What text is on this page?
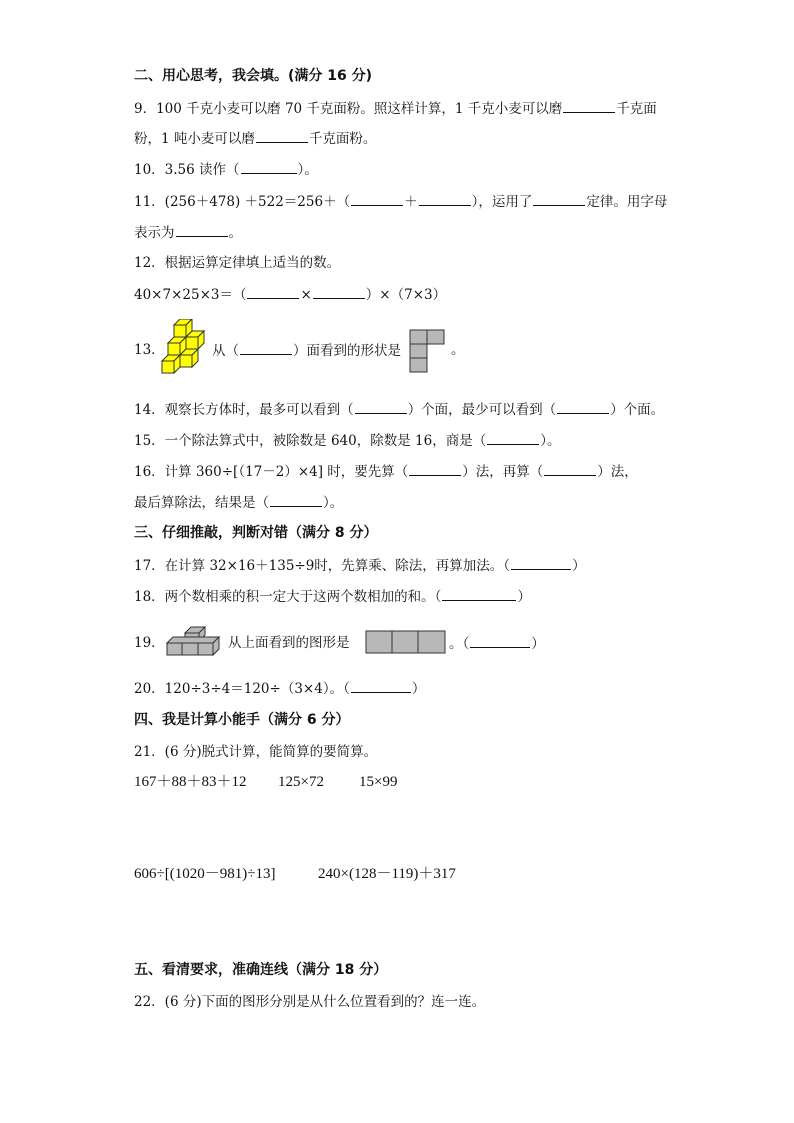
二、用心思考，我会填。(满分 16 分)
9．100 千克小麦可以磨 70 千克面粉。照这样计算，1 千克小麦可以磨	千克面
粉，1 吨小麦可以磨	千克面粉。
10．3.56 读作（	）。
11．(256＋478) ＋522＝256＋（	＋	），运用了	定律。用字母
表示为	。
12．根据运算定律填上适当的数。
40×7×25×3＝（	×	）×（7×3）
13．	从（	）面看到的形状是	。
14．观察长方体时，最多可以看到（	）个面，最少可以看到（	）个面。
15．一个除法算式中，被除数是 640，除数是 16，商是（	）。
16．计算 360÷[（17－2）×4] 时，要先算（	）法，再算（	）法，
最后算除法，结果是（	）。
三、仔细推敲，判断对错（满分 8 分）
17．在计算 32×16＋135÷9时，先算乘、除法，再算加法。（	）
18．两个数相乘的积一定大于这两个数相加的和。（	）
19．	从上面看到的图形是	。（	）
20．120÷3÷4＝120÷（3×4）。（	）
四、我是计算小能手（满分 6 分）
21．(6 分)脱式计算，能简算的要简算。
167＋88＋83＋12 125×72 15×99
606÷[(1020－981)÷13]	240×(128－119)＋317
五、看清要求，准确连线（满分 18 分）
22．(6 分)下面的图形分别是从什么位置看到的？连一连。
